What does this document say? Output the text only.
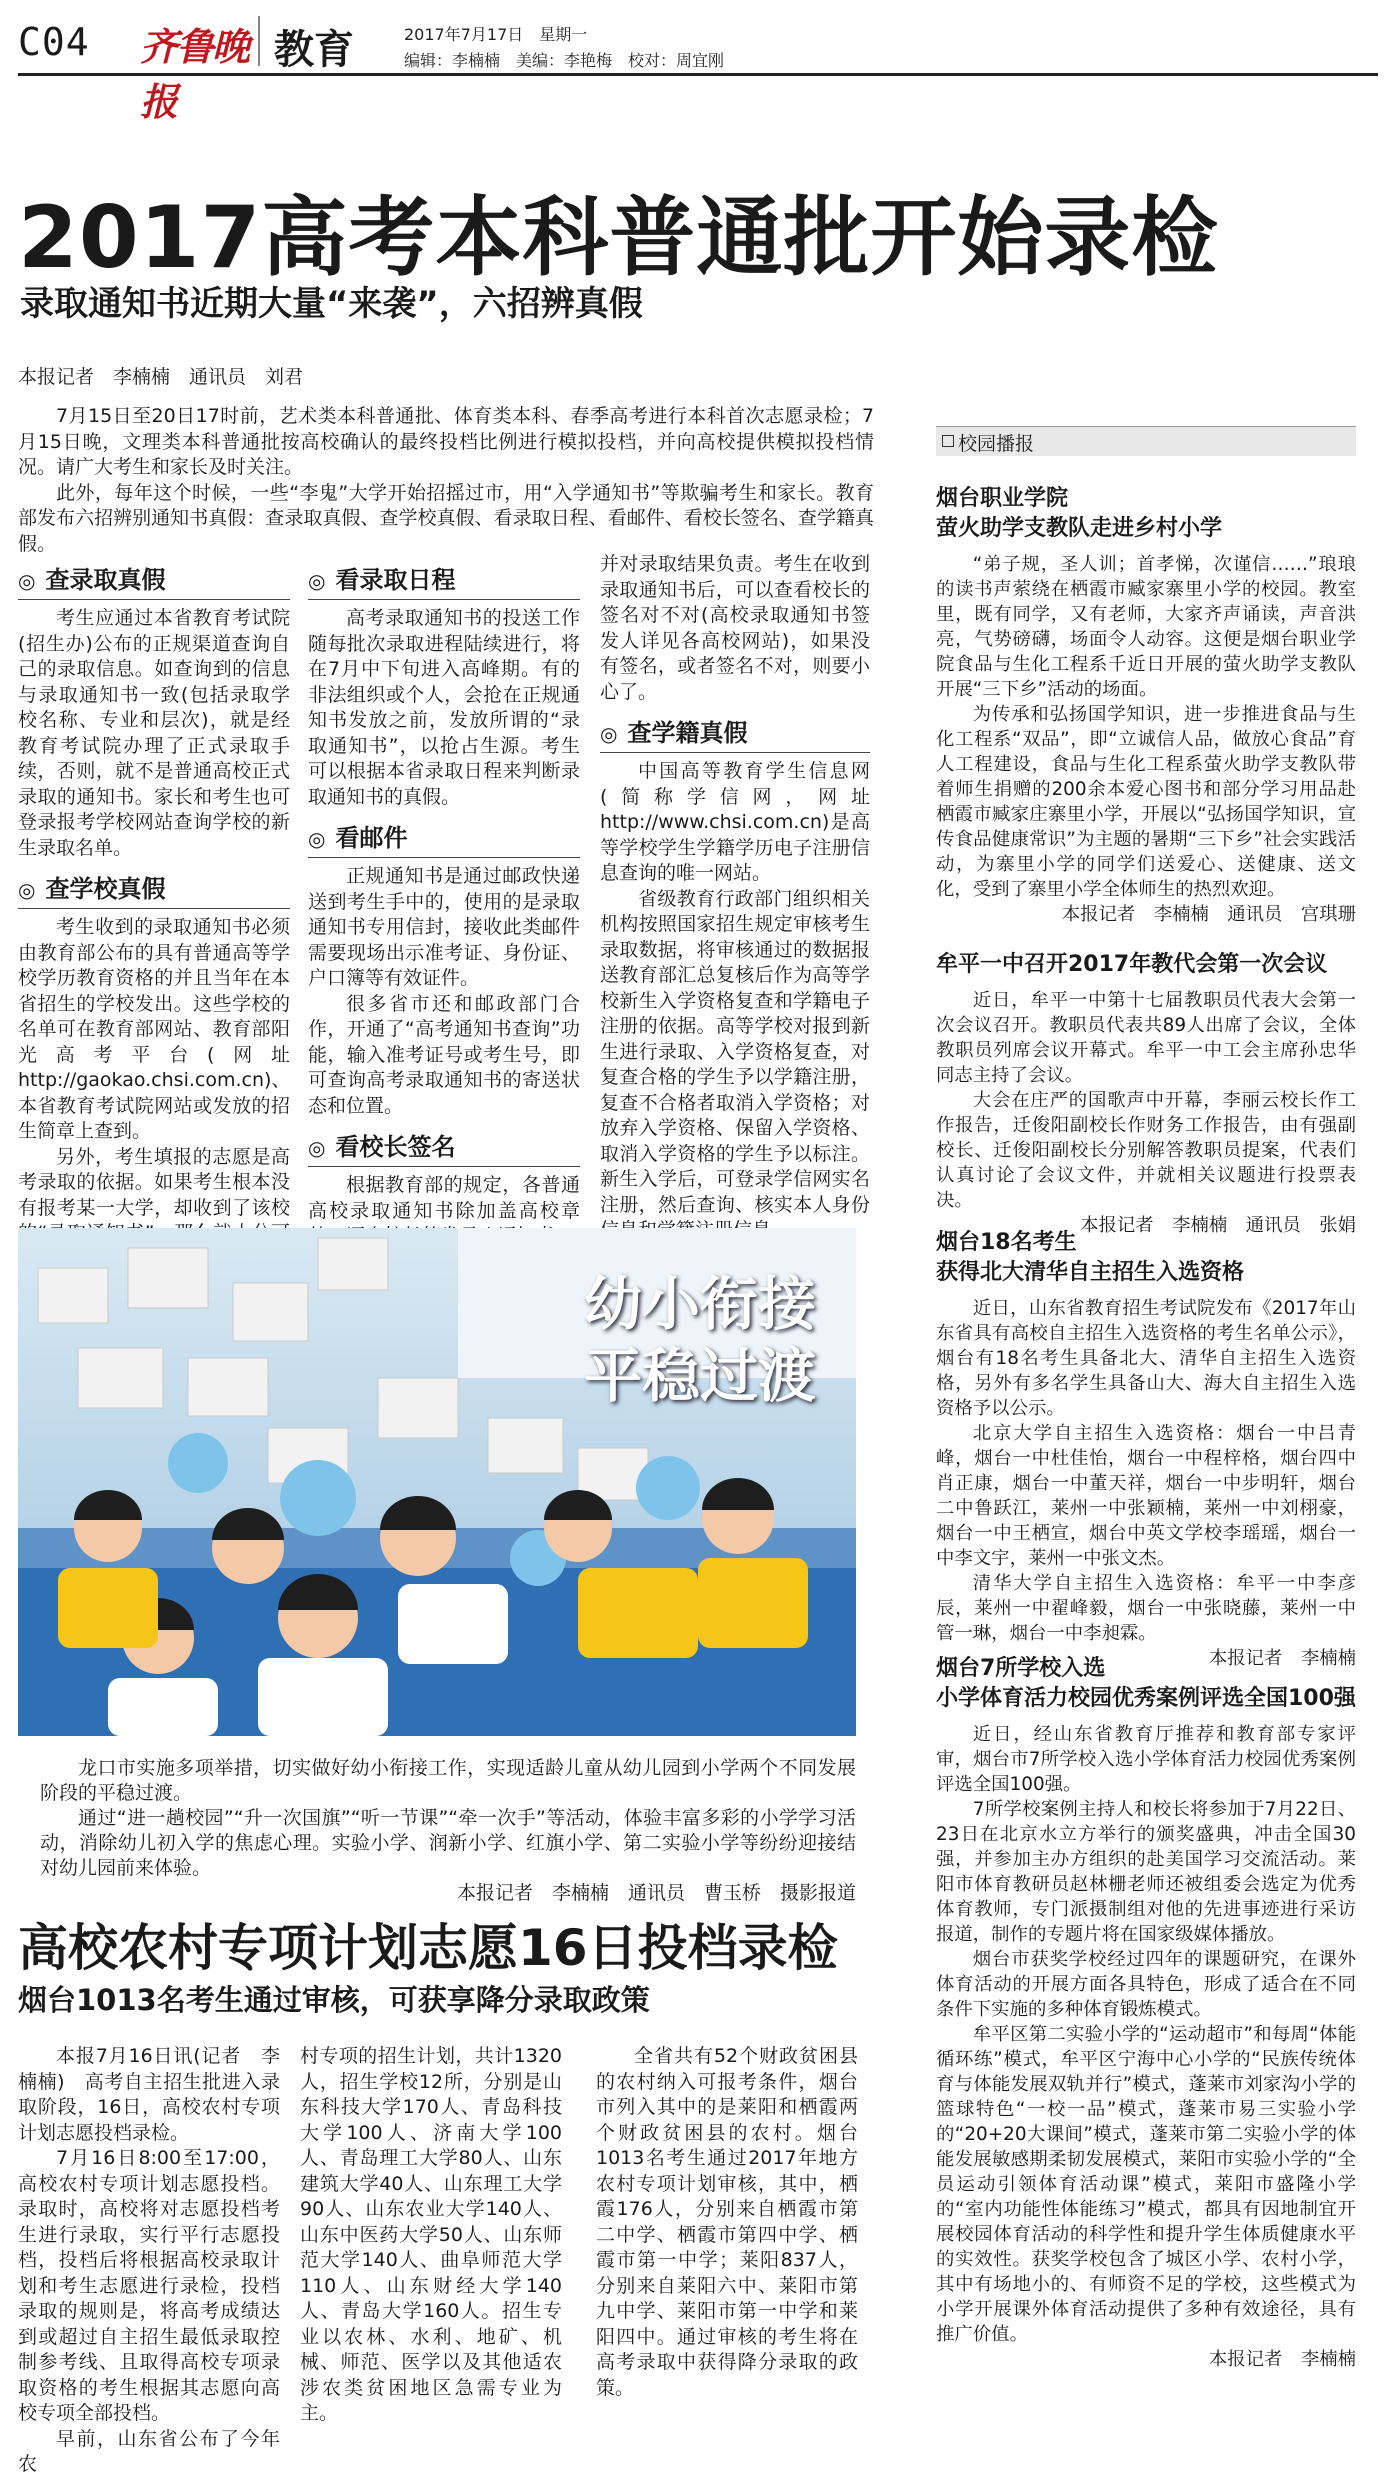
C04 齐鲁晚报
教育	2017年7月17日　星期一
编辑：李楠楠　美编：李艳梅　校对：周宜刚
2017高考本科普通批开始录检
录取通知书近期大量“来袭”，六招辨真假
本报记者　李楠楠　通讯员　刘君

7月15日至20日17时前，艺术类本科普通批、体育类本科、春季高考进行本科首次志愿录检；7月15日晚，文理类本科普通批按高校确认的最终投档比例进行模拟投档，并向高校提供模拟投档情况。请广大考生和家长及时关注。

此外，每年这个时候，一些“李鬼”大学开始招摇过市，用“入学通知书”等欺骗考生和家长。教育部发布六招辨别通知书真假：查录取真假、查学校真假、看录取日程、看邮件、看校长签名、查学籍真假。

◎ 查录取真假

考生应通过本省教育考试院(招生办)公布的正规渠道查询自己的录取信息。如查询到的信息与录取通知书一致(包括录取学校名称、专业和层次)，就是经教育考试院办理了正式录取手续，否则，就不是普通高校正式录取的通知书。家长和考生也可登录报考学校网站查询学校的新生录取名单。

◎ 查学校真假

考生收到的录取通知书必须由教育部公布的具有普通高等学校学历教育资格的并且当年在本省招生的学校发出。这些学校的名单可在教育部网站、教育部阳光高考平台(网址http://gaokao.chsi.com.cn)、本省教育考试院网站或发放的招生简章上查到。

另外，考生填报的志愿是高考录取的依据。如果考生根本没有报考某一大学，却收到了该校

◎ 看录取日程

高考录取通知书的投送工作随每批次录取进程陆续进行，将在7月中下旬进入高峰期。有的非法组织或个人，会抢在正规通知书发放之前，发放所谓的“录取通知书”，以抢占生源。考生可以根据本省录取日程来判断录取通知书的真假。

◎ 看邮件

正规通知书是通过邮政快递送到考生手中的，使用的是录取通知书专用信封，接收此类邮件需要现场出示准考证、身份证、户口簿等有效证件。

很多省市还和邮政部门合作，开通了“高考通知书查询”功能，输入准考证号或考生号，即可查询高考录取通知书的寄送状态和位置。

◎ 看校长签名

根据教育部的规定，各普通高校录取通知书除加盖高校章

并对录取结果负责。考生在收到录取通知书后，可以查看校长的签名对不对(高校录取通知书签发人详见各高校网站)，如果没有签名，或者签名不对，则要小心了。

◎ 查学籍真假

中国高等教育学生信息网(简称学信网，网址http://www.chsi.com.cn)是高等学校学生学籍学历电子注册信息查询的唯一网站。

省级教育行政部门组织相关机构按照国家招生规定审核考生录取数据，将审核通过的数据报送教育部汇总复核后作为高等学校新生入学资格复查和学籍电子注册的依据。高等学校对报到新生进行录取、入学资格复查，对复查合格的学生予以学籍注册，复查不合格者取消入学资格；对放弃入学资格、保留入学资格、取消入学资格的学生予以标注。新生入学后，可登录学信网实名注册，然后查询、核实本人身份

幼小衔接
平稳过渡

龙口市实施多项举措，切实做好幼小衔接工作，实现适龄儿童从幼儿园到小学两个不同发展阶段的平稳过渡。

通过“进一趟校园”“升一次国旗”“听一节课”“牵一次手”等活动，体验丰富多彩的小学学习活动，消除幼儿初入学的焦虑心理。实验小学、润新小学、红旗小学、第二实验小学等纷纷迎接结对幼儿园前来体验。

本报记者　李楠楠　通讯员　曹玉桥　摄影报道

高校农村专项计划志愿16日投档录检
烟台1013名考生通过审核，可获享降分录取政策

本报7月16日讯(记者　李楠楠)　高考自主招生批进入录取阶段，16日，高校农村专项计划志愿投档录检。

7月16日8:00至17:00，高校农村专项计划志愿投档。录取时，高校将对志愿投档考生进行录取，实行平行志愿投档，投档后将根据高校录取计划和考生志愿进行录检，投档录取的规则是，将高考成绩达到或超过自主招生最低录取控制参考线、且取得高校专项录取资格的考生根据其志愿向高校专项全部投档。

早前，山东省公布了今年农

村专项的招生计划，共计1320人，招生学校12所，分别是山东科技大学170人、青岛科技大学100人、济南大学100人、青岛理工大学80人、山东建筑大学40人、山东理工大学90人、山东农业大学140人、山东中医药大学50人、山东师范大学140人、曲阜师范大学110人、山东财经大学140人、青岛大学160人。招生专业以农林、水利、地矿、机械、师范、医学以及其他适农涉农类贫困地区急需专业为主。

全省共有52个财政贫困县的农村纳入可报考条件，烟台市列入其中的是莱阳和栖霞两个财政贫困县的农村。烟台1013名考生通过2017年地方农村专项计划审核，其中，栖霞176人，分别来自栖霞市第二中学、栖霞市第四中学、栖霞市第一中学；莱阳837人，分别来自莱阳六中、莱阳市第九中学、莱阳市第一中学和莱阳四中。通过审核的考生将在高考录取中获得降分录取的政策。

校园播报
烟台职业学院
萤火助学支教队走进乡村小学

“弟子规，圣人训；首孝悌，次谨信……”琅琅的读书声萦绕在栖霞市臧家寨里小学的校园。教室里，既有同学，又有老师，大家齐声诵读，声音洪亮，气势磅礴，场面令人动容。这便是烟台职业学院食品与生化工程系千近日开展的萤火助学支教队开展“三下乡”活动的场面。

为传承和弘扬国学知识，进一步推进食品与生化工程系“双品”，即“立诚信人品，做放心食品”育人工程建设，食品与生化工程系萤火助学支教队带着师生捐赠的200余本爱心图书和部分学习用品赴栖霞市臧家庄寨里小学，开展以“弘扬国学知识，宣传食品健康常识”为主题的暑期“三下乡”社会实践活动，为寨里小学的同学们送爱心、送健康、送文化，受到了寨里小学全体师生的热烈欢迎。

本报记者　李楠楠　通讯员　宫琪珊

牟平一中召开2017年教代会第一次会议

近日，牟平一中第十七届教职员代表大会第一次会议召开。教职员代表共89人出席了会议，全体教职员列席会议开幕式。牟平一中工会主席孙忠华同志主持了会议。

大会在庄严的国歌声中开幕，李丽云校长作工作报告，迁俊阳副校长作财务工作报告，由有强副校长、迁俊阳副校长分别解答教职员提案，代表们认真讨论了会议文件，并就相关议题进行投票表决。

本报记者　李楠楠　通讯员　张娟

烟台18名考生
获得北大清华自主招生入选资格

近日，山东省教育招生考试院发布《2017年山东省具有高校自主招生入选资格的考生名单公示》，烟台有18名考生具备北大、清华自主招生入选资格，另外有多名学生具备山大、海大自主招生入选资格予以公示。

北京大学自主招生入选资格：烟台一中吕青峰，烟台一中杜佳怡，烟台一中程梓格，烟台四中肖正康，烟台一中董天祥，烟台一中步明轩，烟台二中鲁跃江，莱州一中张颖楠，莱州一中刘栩豪，烟台一中王栖宣，烟台中英文学校李瑶瑶，烟台一中李文宇，莱州一中张文杰。

清华大学自主招生入选资格：牟平一中李彦辰，莱州一中翟峰毅，烟台一中张晓藤，莱州一中管一琳，烟台一中李昶霖。

本报记者　李楠楠

烟台7所学校入选
小学体育活力校园优秀案例评选全国100强

近日，经山东省教育厅推荐和教育部专家评审，烟台市7所学校入选小学体育活力校园优秀案例评选全国100强。

7所学校案例主持人和校长将参加于7月22日、23日在北京水立方举行的颁奖盛典，冲击全国30强，并参加主办方组织的赴美国学习交流活动。莱阳市体育教研员赵林栅老师还被组委会选定为优秀体育教师，专门派摄制组对他的先进事迹进行采访报道，制作的专题片将在国家级媒体播放。

烟台市获奖学校经过四年的课题研究，在课外体育活动的开展方面各具特色，形成了适合在不同条件下实施的多种体育锻炼模式。

牟平区第二实验小学的“运动超市”和每周“体能循环练”模式，牟平区宁海中心小学的“民族传统体育与体能发展双轨并行”模式，蓬莱市刘家沟小学的篮球特色“一校一品”模式，蓬莱市易三实验小学的“20+20大课间”模式，蓬莱市第二实验小学的体能发展敏感期柔韧发展模式，莱阳市实验小学的“全员运动引领体育活动课”模式，莱阳市盛隆小学的“室内功能性体能练习”模式，都具有因地制宜开展校园体育活动的科学性和提升学生体质健康水平的实效性。获奖学校包含了城区小学、农村小学，其中有场地小的、有师资不足的学校，这些模式为小学开展课外体育活动提供了多种有效途径，具有推广价值。

本报记者　李楠楠
